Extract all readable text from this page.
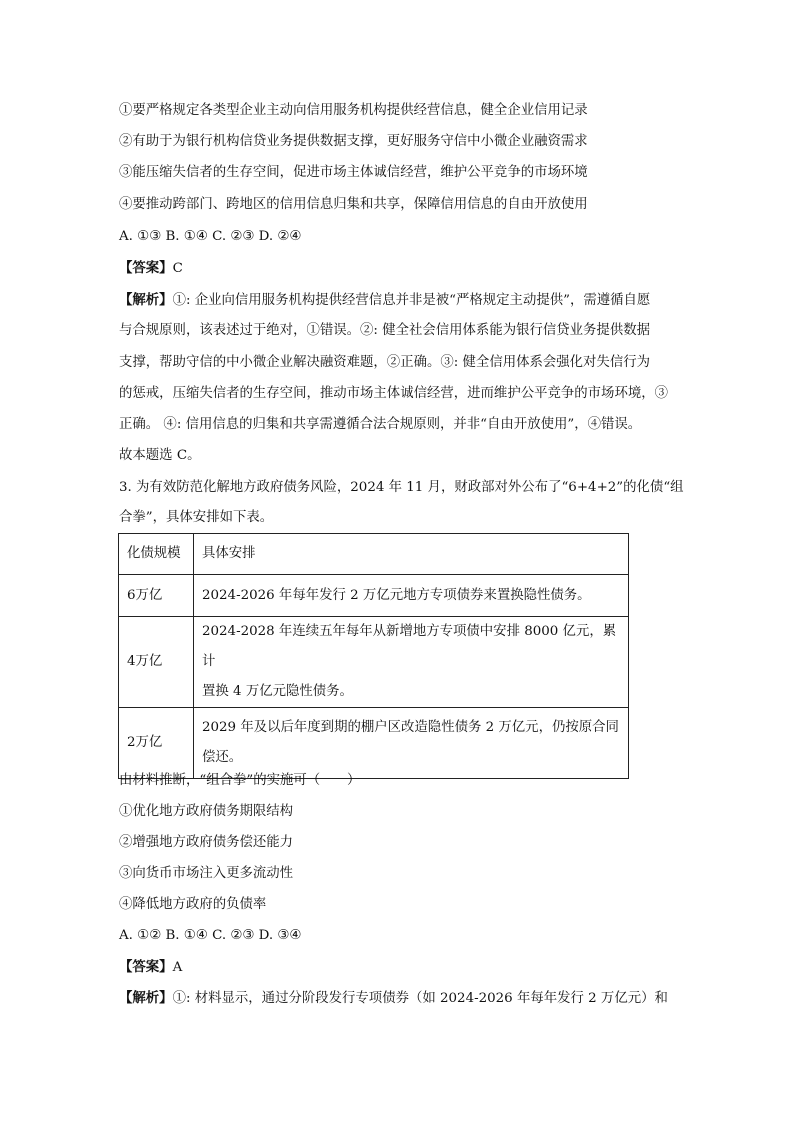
①要严格规定各类型企业主动向信用服务机构提供经营信息，健全企业信用记录
②有助于为银行机构信贷业务提供数据支撑，更好服务守信中小微企业融资需求
③能压缩失信者的生存空间，促进市场主体诚信经营，维护公平竞争的市场环境
④要推动跨部门、跨地区的信用信息归集和共享，保障信用信息的自由开放使用
A. ①③ B. ①④ C. ②③ D. ②④
【答案】C
【解析】①: 企业向信用服务机构提供经营信息并非是被“严格规定主动提供”，需遵循自愿
与合规原则，该表述过于绝对，①错误。②: 健全社会信用体系能为银行信贷业务提供数据
支撑，帮助守信的中小微企业解决融资难题，②正确。③: 健全信用体系会强化对失信行为
的惩戒，压缩失信者的生存空间，推动市场主体诚信经营，进而维护公平竞争的市场环境，③
正确。 ④: 信用信息的归集和共享需遵循合法合规原则，并非“自由开放使用”，④错误。
故本题选 C。
3. 为有效防范化解地方政府债务风险，2024 年 11 月，财政部对外公布了“6+4+2”的化债“组
合拳”，具体安排如下表。
化债规模	具体安排
6万亿	2024-2026 年每年发行 2 万亿元地方专项债券来置换隐性债务。
4万亿	2024-2028 年连续五年每年从新增地方专项债中安排 8000 亿元，累计
置换 4 万亿元隐性债务。
2万亿	2029 年及以后年度到期的棚户区改造隐性债务 2 万亿元，仍按原合同
偿还。
由材料推断，“组合拳”的实施可（　　）
①优化地方政府债务期限结构
②增强地方政府债务偿还能力
③向货币市场注入更多流动性
④降低地方政府的负债率
A. ①② B. ①④ C. ②③ D. ③④
【答案】A
【解析】①: 材料显示，通过分阶段发行专项债券（如 2024-2026 年每年发行 2 万亿元）和
